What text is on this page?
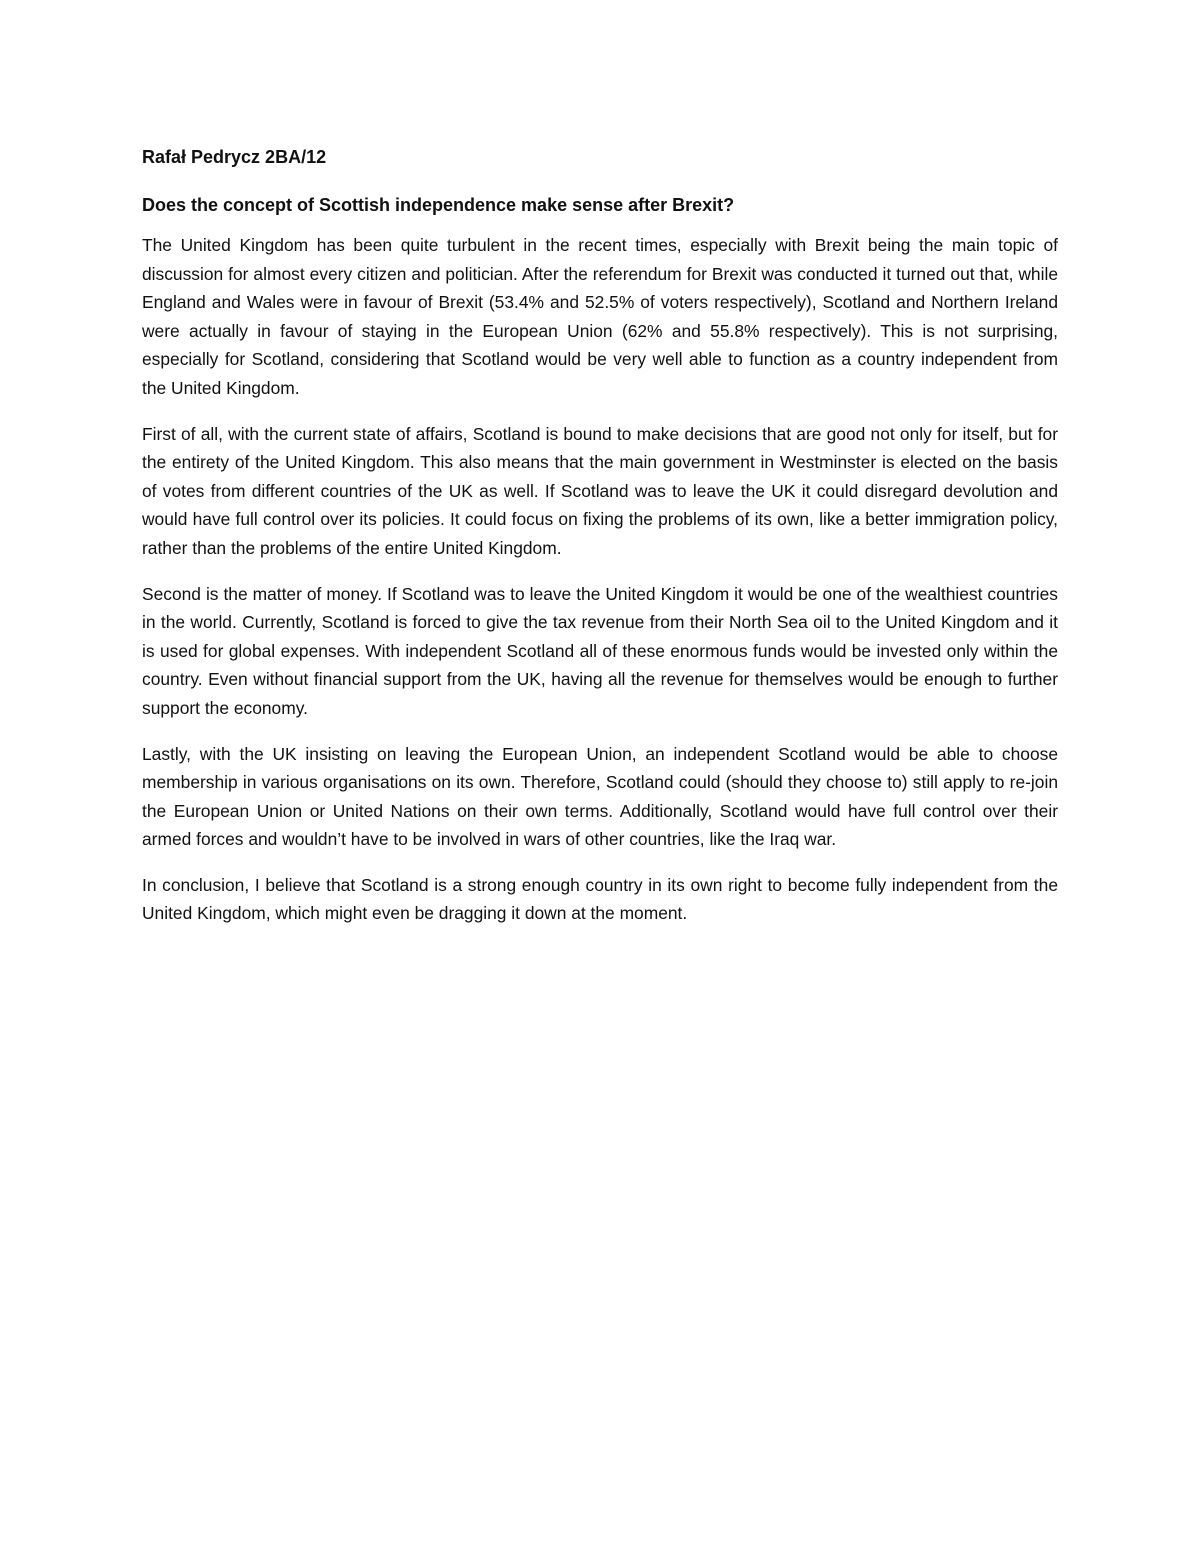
Rafał Pedrycz 2BA/12

Does the concept of Scottish independence make sense after Brexit?

The United Kingdom has been quite turbulent in the recent times, especially with Brexit being the main topic of discussion for almost every citizen and politician. After the referendum for Brexit was conducted it turned out that, while England and Wales were in favour of Brexit (53.4% and 52.5% of voters respectively), Scotland and Northern Ireland were actually in favour of staying in the European Union (62% and 55.8% respectively). This is not surprising, especially for Scotland, considering that Scotland would be very well able to function as a country independent from the United Kingdom.

First of all, with the current state of affairs, Scotland is bound to make decisions that are good not only for itself, but for the entirety of the United Kingdom. This also means that the main government in Westminster is elected on the basis of votes from different countries of the UK as well. If Scotland was to leave the UK it could disregard devolution and would have full control over its policies. It could focus on fixing the problems of its own, like a better immigration policy, rather than the problems of the entire United Kingdom.

Second is the matter of money. If Scotland was to leave the United Kingdom it would be one of the wealthiest countries in the world. Currently, Scotland is forced to give the tax revenue from their North Sea oil to the United Kingdom and it is used for global expenses. With independent Scotland all of these enormous funds would be invested only within the country. Even without financial support from the UK, having all the revenue for themselves would be enough to further support the economy.

Lastly, with the UK insisting on leaving the European Union, an independent Scotland would be able to choose membership in various organisations on its own. Therefore, Scotland could (should they choose to) still apply to re-join the European Union or United Nations on their own terms. Additionally, Scotland would have full control over their armed forces and wouldn’t have to be involved in wars of other countries, like the Iraq war.

In conclusion, I believe that Scotland is a strong enough country in its own right to become fully independent from the United Kingdom, which might even be dragging it down at the moment.
